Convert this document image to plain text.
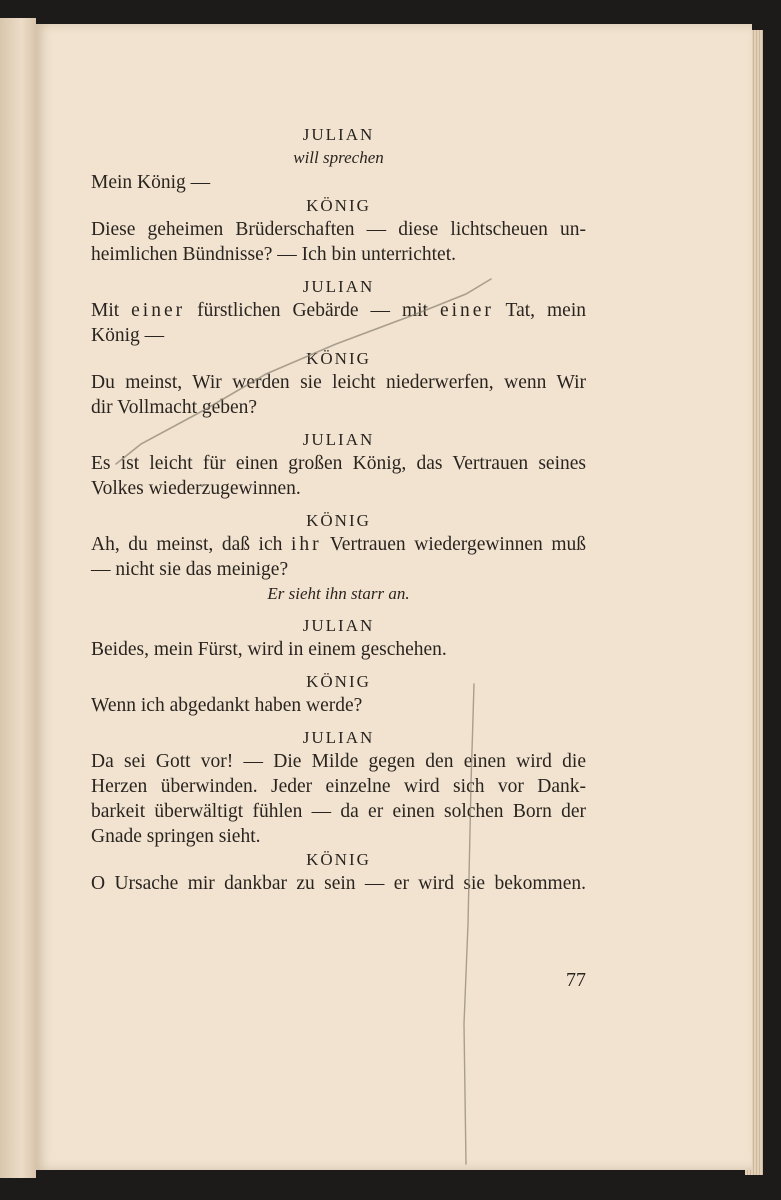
JULIAN
will sprechen
Mein König —
KÖNIG
Diese geheimen Brüderschaften — diese lichtscheuen un-
heimlichen Bündnisse? — Ich bin unterrichtet.
JULIAN
Mit einer fürstlichen Gebärde — mit einer Tat, mein
König —
KÖNIG
Du meinst, Wir werden sie leicht niederwerfen, wenn Wir
dir Vollmacht geben?
JULIAN
Es ist leicht für einen großen König, das Vertrauen seines
Volkes wiederzugewinnen.
KÖNIG
Ah, du meinst, daß ich ihr Vertrauen wiedergewinnen muß
— nicht sie das meinige?
Er sieht ihn starr an.
JULIAN
Beides, mein Fürst, wird in einem geschehen.
KÖNIG
Wenn ich abgedankt haben werde?
JULIAN
Da sei Gott vor! — Die Milde gegen den einen wird die
Herzen überwinden. Jeder einzelne wird sich vor Dank-
barkeit überwältigt fühlen — da er einen solchen Born der
Gnade springen sieht.
KÖNIG
O Ursache mir dankbar zu sein — er wird sie bekommen.
77
